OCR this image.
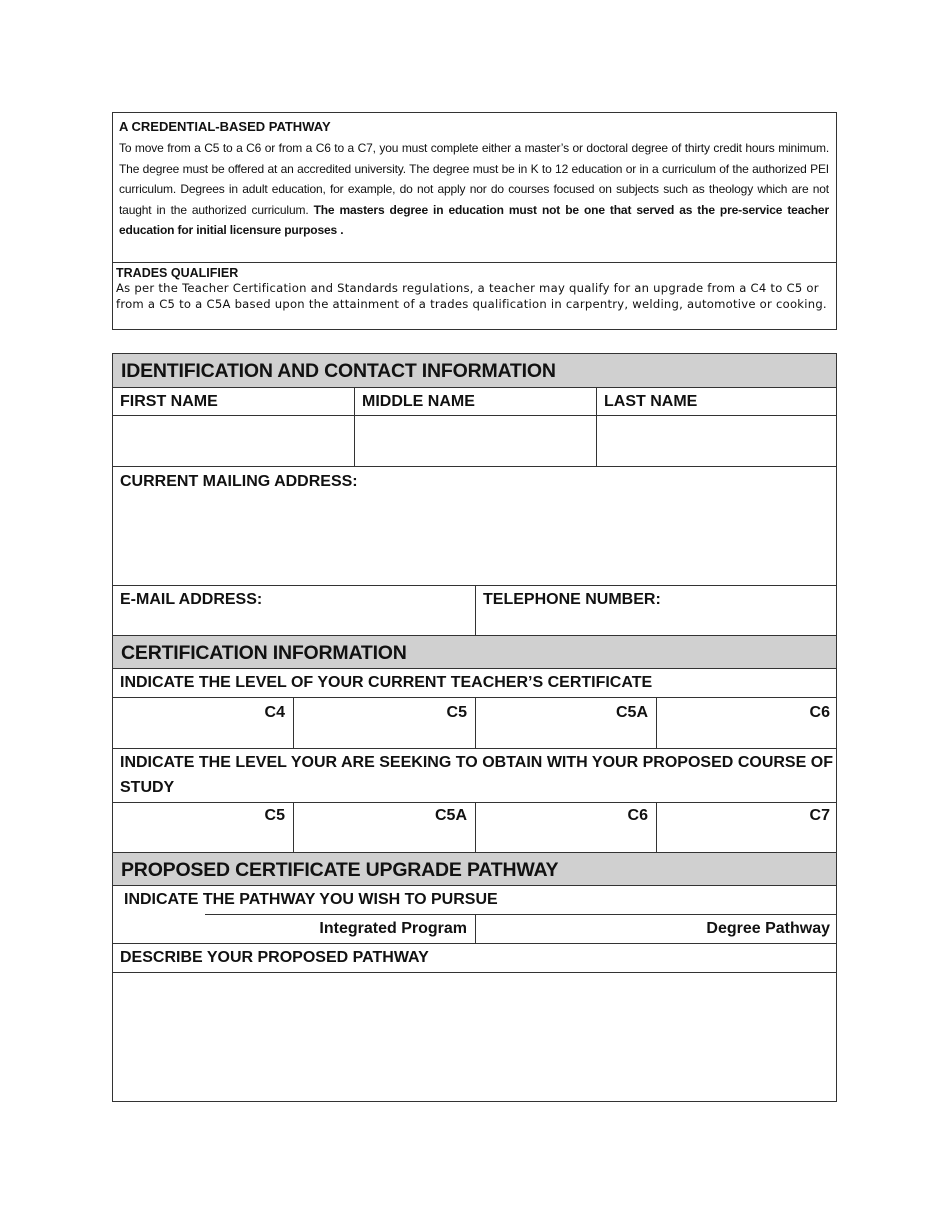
A CREDENTIAL-BASED PATHWAY
To move from a C5 to a C6 or from a C6 to a C7, you must complete either a master’s or doctoral degree of thirty credit hours minimum. The degree must be offered at an accredited university. The degree must be in K to 12 education or in a curriculum of the authorized PEI curriculum. Degrees in adult education, for example, do not apply nor do courses focused on subjects such as theology which are not taught in the authorized curriculum. The masters degree in education must not be one that served as the pre-service teacher education for initial licensure purposes .
TRADES QUALIFIER
As per the Teacher Certification and Standards regulations, a teacher may qualify for an upgrade from a C4 to C5 or from a C5 to a C5A based upon the attainment of a trades qualification in carpentry, welding, automotive or cooking.
IDENTIFICATION AND CONTACT INFORMATION
FIRST NAME	MIDDLE NAME	LAST NAME
CURRENT MAILING ADDRESS:
E-MAIL ADDRESS:	TELEPHONE NUMBER:
CERTIFICATION INFORMATION
INDICATE THE LEVEL OF YOUR CURRENT TEACHER’S CERTIFICATE
C4	C5	C5A	C6
INDICATE THE LEVEL YOUR ARE SEEKING TO OBTAIN WITH YOUR PROPOSED COURSE OF STUDY
C5	C5A	C6	C7
PROPOSED CERTIFICATE UPGRADE PATHWAY
INDICATE THE PATHWAY YOU WISH TO PURSUE
Integrated Program	Degree Pathway
DESCRIBE YOUR PROPOSED PATHWAY
